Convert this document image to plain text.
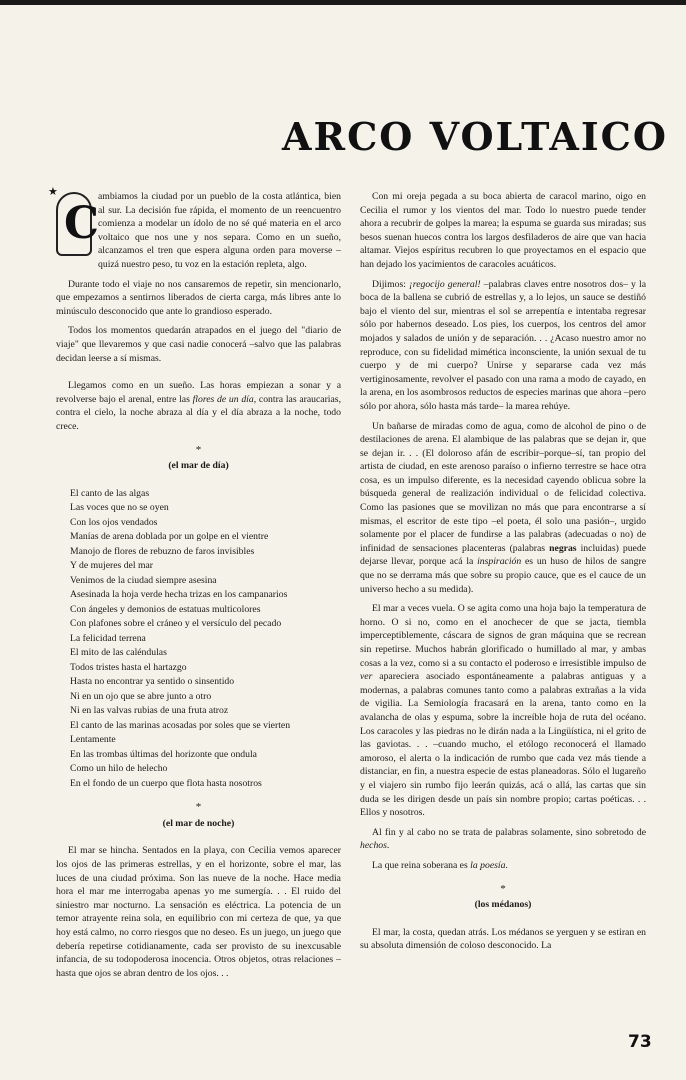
ARCO VOLTAICO
★
C

ambiamos la ciudad por un pueblo de la costa atlántica, bien al sur. La decisión fue rápida, el momento de un reencuentro comienza a modelar un ídolo de no sé qué materia en el arco voltaico que nos une y nos separa. Como en un sueño, alcanzamos el tren que espera alguna orden para moverse –quizá nuestro peso, tu voz en la estación repleta, algo.

Durante todo el viaje no nos cansaremos de repetir, sin mencionarlo, que empezamos a sentirnos liberados de cierta carga, más libres ante lo minúsculo desconocido que ante lo grandioso esperado.

Todos los momentos quedarán atrapados en el juego del "diario de viaje" que llevaremos y que casi nadie conocerá –salvo que las palabras decidan leerse a sí mismas.

Llegamos como en un sueño. Las horas empiezan a sonar y a revolverse bajo el arenal, entre las flores de un día, contra las araucarias, contra el cielo, la noche abraza al día y el día abraza a la noche, todo crece.

*
(el mar de día)
El canto de las algas
Las voces que no se oyen
Con los ojos vendados
Manías de arena doblada por un golpe en el vientre
Manojo de flores de rebuzno de faros invisibles
Y de mujeres del mar
Venimos de la ciudad siempre asesina
Asesinada la hoja verde hecha trizas en los campanarios
Con ángeles y demonios de estatuas multicolores
Con plafones sobre el cráneo y el versículo del pecado
La felicidad terrena
El mito de las caléndulas
Todos tristes hasta el hartazgo
Hasta no encontrar ya sentido o sinsentido
Ni en un ojo que se abre junto a otro
Ni en las valvas rubias de una fruta atroz
El canto de las marinas acosadas por soles que se vierten
Lentamente
En las trombas últimas del horizonte que ondula
Como un hilo de helecho
En el fondo de un cuerpo que flota hasta nosotros
*
(el mar de noche)

El mar se hincha. Sentados en la playa, con Cecilia vemos aparecer los ojos de las primeras estrellas, y en el horizonte, sobre el mar, las luces de una ciudad próxima. Son las nueve de la noche. Hace media hora el mar me interrogaba apenas yo me sumergía. . . El ruido del siniestro mar nocturno. La sensación es eléctrica. La potencia de un temor atrayente reina sola, en equilibrio con mi certeza de que, ya que hoy está calmo, no corro riesgos que no deseo. Es un juego, un juego que debería repetirse cotidianamente, cada ser provisto de su inexcusable infancia, de su todopoderosa inocencia. Otros objetos, otras relaciones –hasta que ojos se abran dentro de los ojos. . .

Con mi oreja pegada a su boca abierta de caracol marino, oigo en Cecilia el rumor y los vientos del mar. Todo lo nuestro puede tender ahora a recubrir de golpes la marea; la espuma se guarda sus miradas; sus besos suenan huecos contra los largos desfiladeros de aire que van hacia altamar. Viejos espíritus recubren lo que proyectamos en el espacio que han dejado los yacimientos de caracoles acuáticos.

Dijimos: ¡regocijo general! –palabras claves entre nosotros dos– y la boca de la ballena se cubrió de estrellas y, a lo lejos, un sauce se destiñó bajo el viento del sur, mientras el sol se arrepentía e intentaba regresar sólo por habernos deseado. Los pies, los cuerpos, los centros del amor mojados y salados de unión y de separación. . . ¿Acaso nuestro amor no reproduce, con su fidelidad mimética inconsciente, la unión sexual de tu cuerpo y de mi cuerpo? Unirse y separarse cada vez más vertiginosamente, revolver el pasado con una rama a modo de cayado, en la arena, en los asombrosos reductos de especies marinas que ahora –pero sólo por ahora, sólo hasta más tarde– la marea rehúye.

Un bañarse de miradas como de agua, como de alcohol de pino o de destilaciones de arena. El alambique de las palabras que se dejan ir, que se dejan ir. . . (El doloroso afán de escribir–porque–sí, tan propio del artista de ciudad, en este arenoso paraíso o infierno terrestre se hace otra cosa, es un impulso diferente, es la necesidad cayendo oblicua sobre la búsqueda general de realización individual o de felicidad colectiva. Como las pasiones que se movilizan no más que para encontrarse a sí mismas, el escritor de este tipo –el poeta, él solo una pasión–, urgido solamente por el placer de fundirse a las palabras (adecuadas o no) de infinidad de sensaciones placenteras (palabras negras incluidas) puede dejarse llevar, porque acá la inspiración es un huso de hilos de sangre que no se derrama más que sobre su propio cauce, que es el cauce de un universo hecho a su medida).

El mar a veces vuela. O se agita como una hoja bajo la temperatura de horno. O si no, como en el anochecer de que se jacta, tiembla imperceptiblemente, cáscara de signos de gran máquina que se recrean sin repetirse. Muchos habrán glorificado o humillado al mar, y ambas cosas a la vez, como si a su contacto el poderoso e irresistible impulso de ver apareciera asociado espontáneamente a palabras antiguas y a modernas, a palabras comunes tanto como a palabras extrañas a la vida de vigilia. La Semiología fracasará en la arena, tanto como en la avalancha de olas y espuma, sobre la increíble hoja de ruta del océano. Los caracoles y las piedras no le dirán nada a la Lingüística, ni el grito de las gaviotas. . . –cuando mucho, el etólogo reconocerá el llamado amoroso, el alerta o la indicación de rumbo que cada vez más tiende a distanciar, en fin, a nuestra especie de estas planeadoras. Sólo el lugareño y el viajero sin rumbo fijo leerán quizás, acá o allá, las cartas que sin duda se les dirigen desde un país sin nombre propio; cartas poéticas. . . Ellos y nosotros.

Al fin y al cabo no se trata de palabras solamente, sino sobretodo de hechos.

La que reina soberana es la poesía.

*
(los médanos)

El mar, la costa, quedan atrás. Los médanos se yerguen y se estiran en su absoluta dimensión de coloso desconocido. La

73
